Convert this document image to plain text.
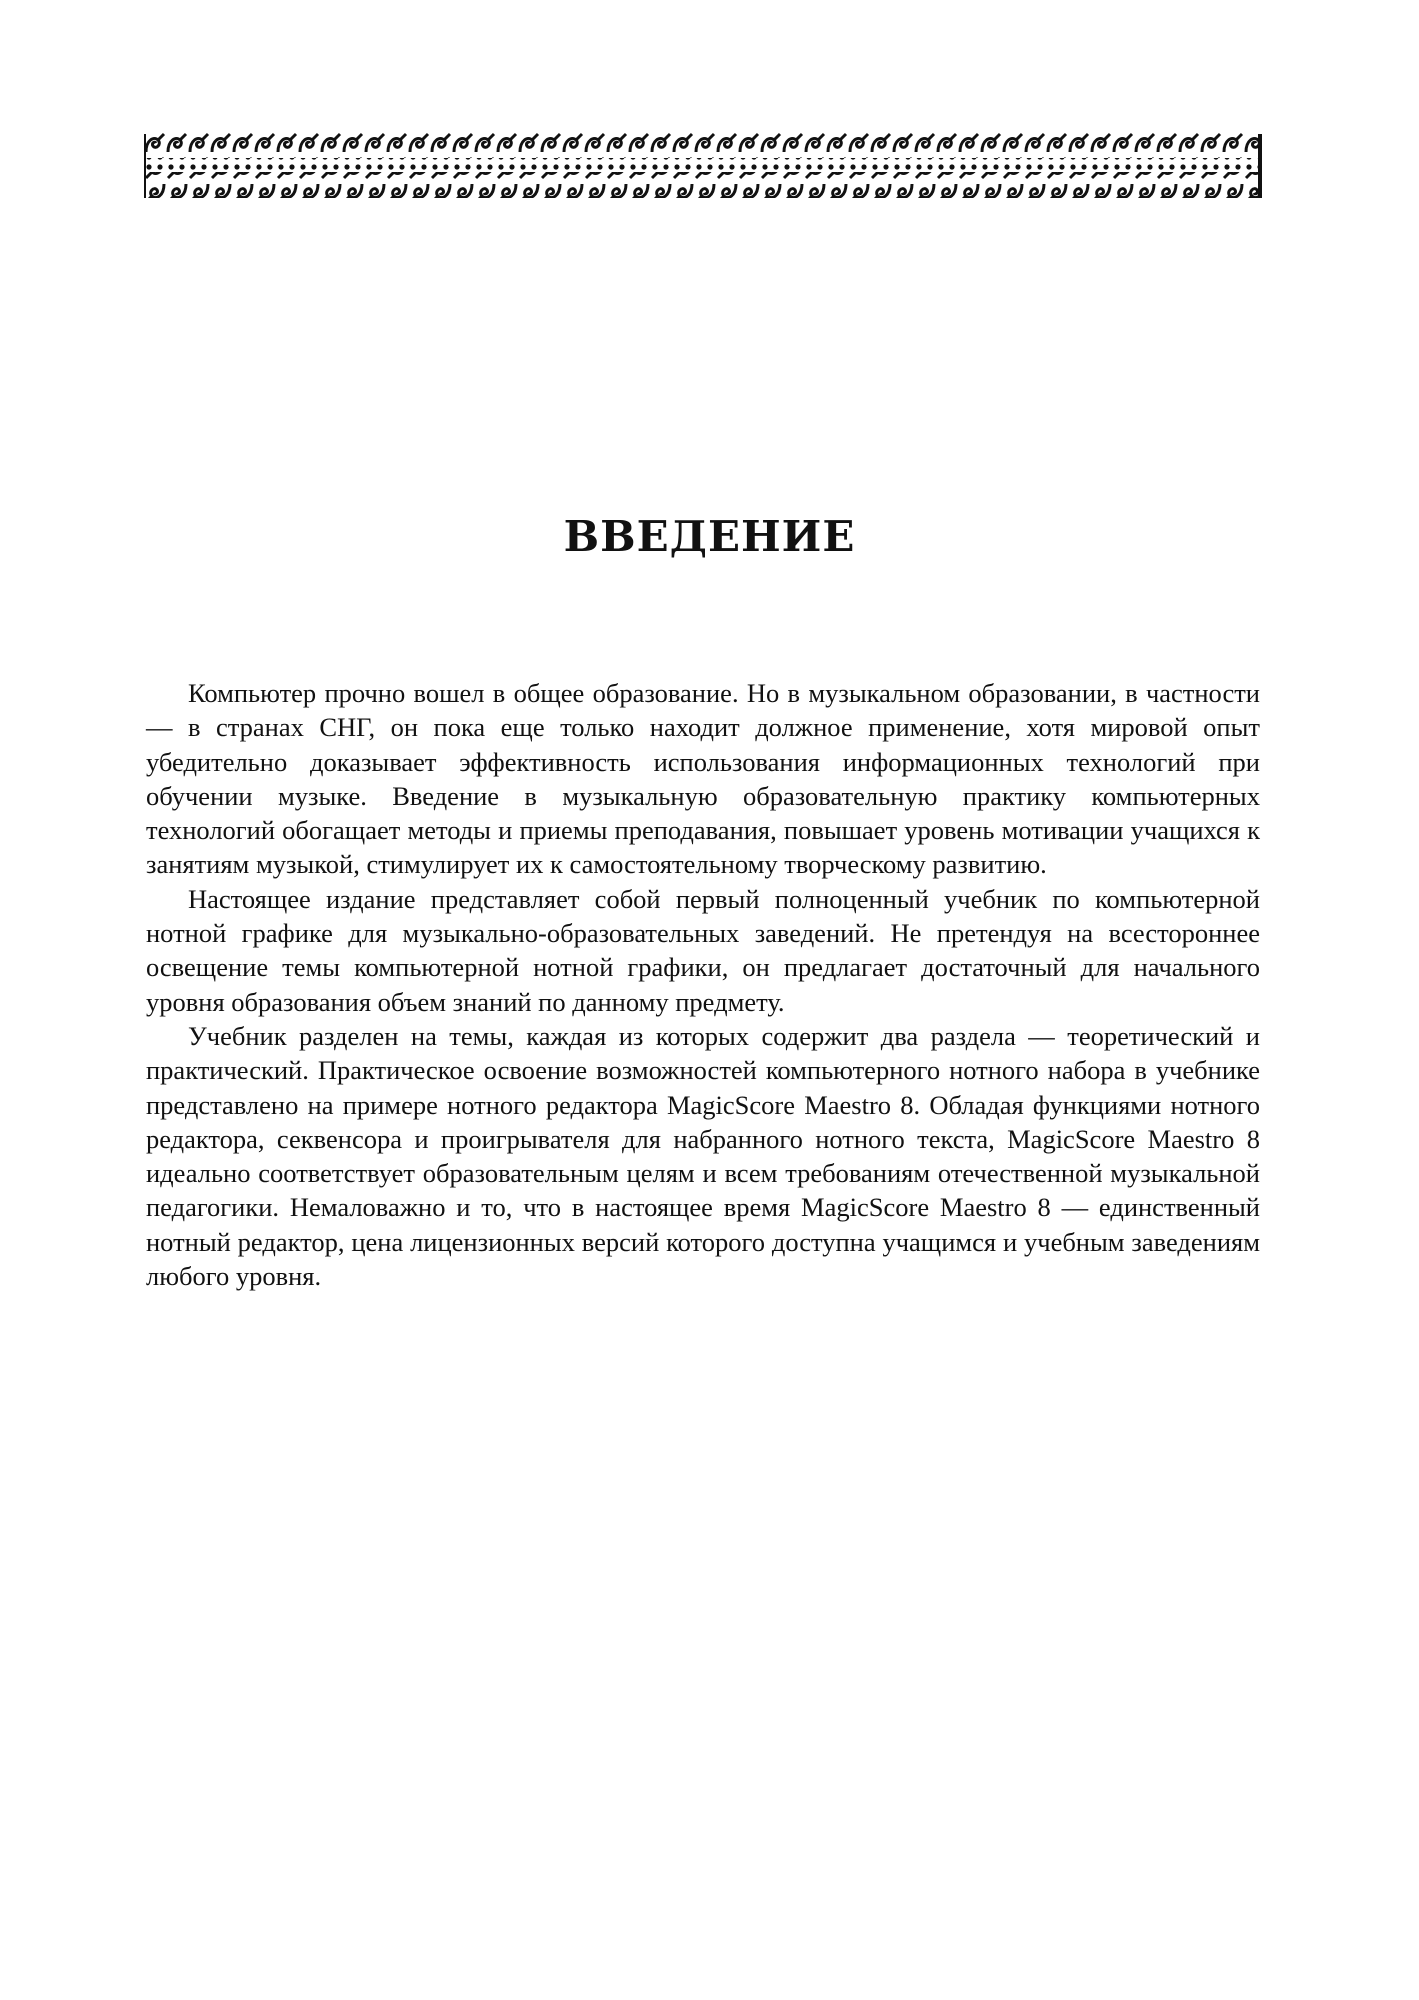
ВВЕДЕНИЕ

Компьютер прочно вошел в общее образование. Но в музыкальном образовании, в частности — в странах СНГ, он пока еще только находит должное применение, хотя мировой опыт убедительно доказывает эффективность использования информационных технологий при обучении музыке. Введение в музыкальную образовательную практику компьютерных технологий обогащает методы и приемы преподавания, повышает уровень мотивации учащихся к занятиям музыкой, стимулирует их к самостоятельному творческому развитию.

Настоящее издание представляет собой первый полноценный учебник по компьютерной нотной графике для музыкально-образовательных заведений. Не претендуя на всестороннее освещение темы компьютерной нотной графики, он предлагает достаточный для начального уровня образования объем знаний по данному предмету.

Учебник разделен на темы, каждая из которых содержит два раздела — теоретический и практический. Практическое освоение возможностей компьютерного нотного набора в учебнике представлено на примере нотного редактора MagicScore Maestro 8. Обладая функциями нотного редактора, секвенсора и проигрывателя для набранного нотного текста, MagicScore Maestro 8 идеально соответствует образовательным целям и всем требованиям отечественной музыкальной педагогики. Немаловажно и то, что в настоящее время MagicScore Maestro 8 — единственный нотный редактор, цена лицензионных версий которого доступна учащимся и учебным заведениям любого уровня.
